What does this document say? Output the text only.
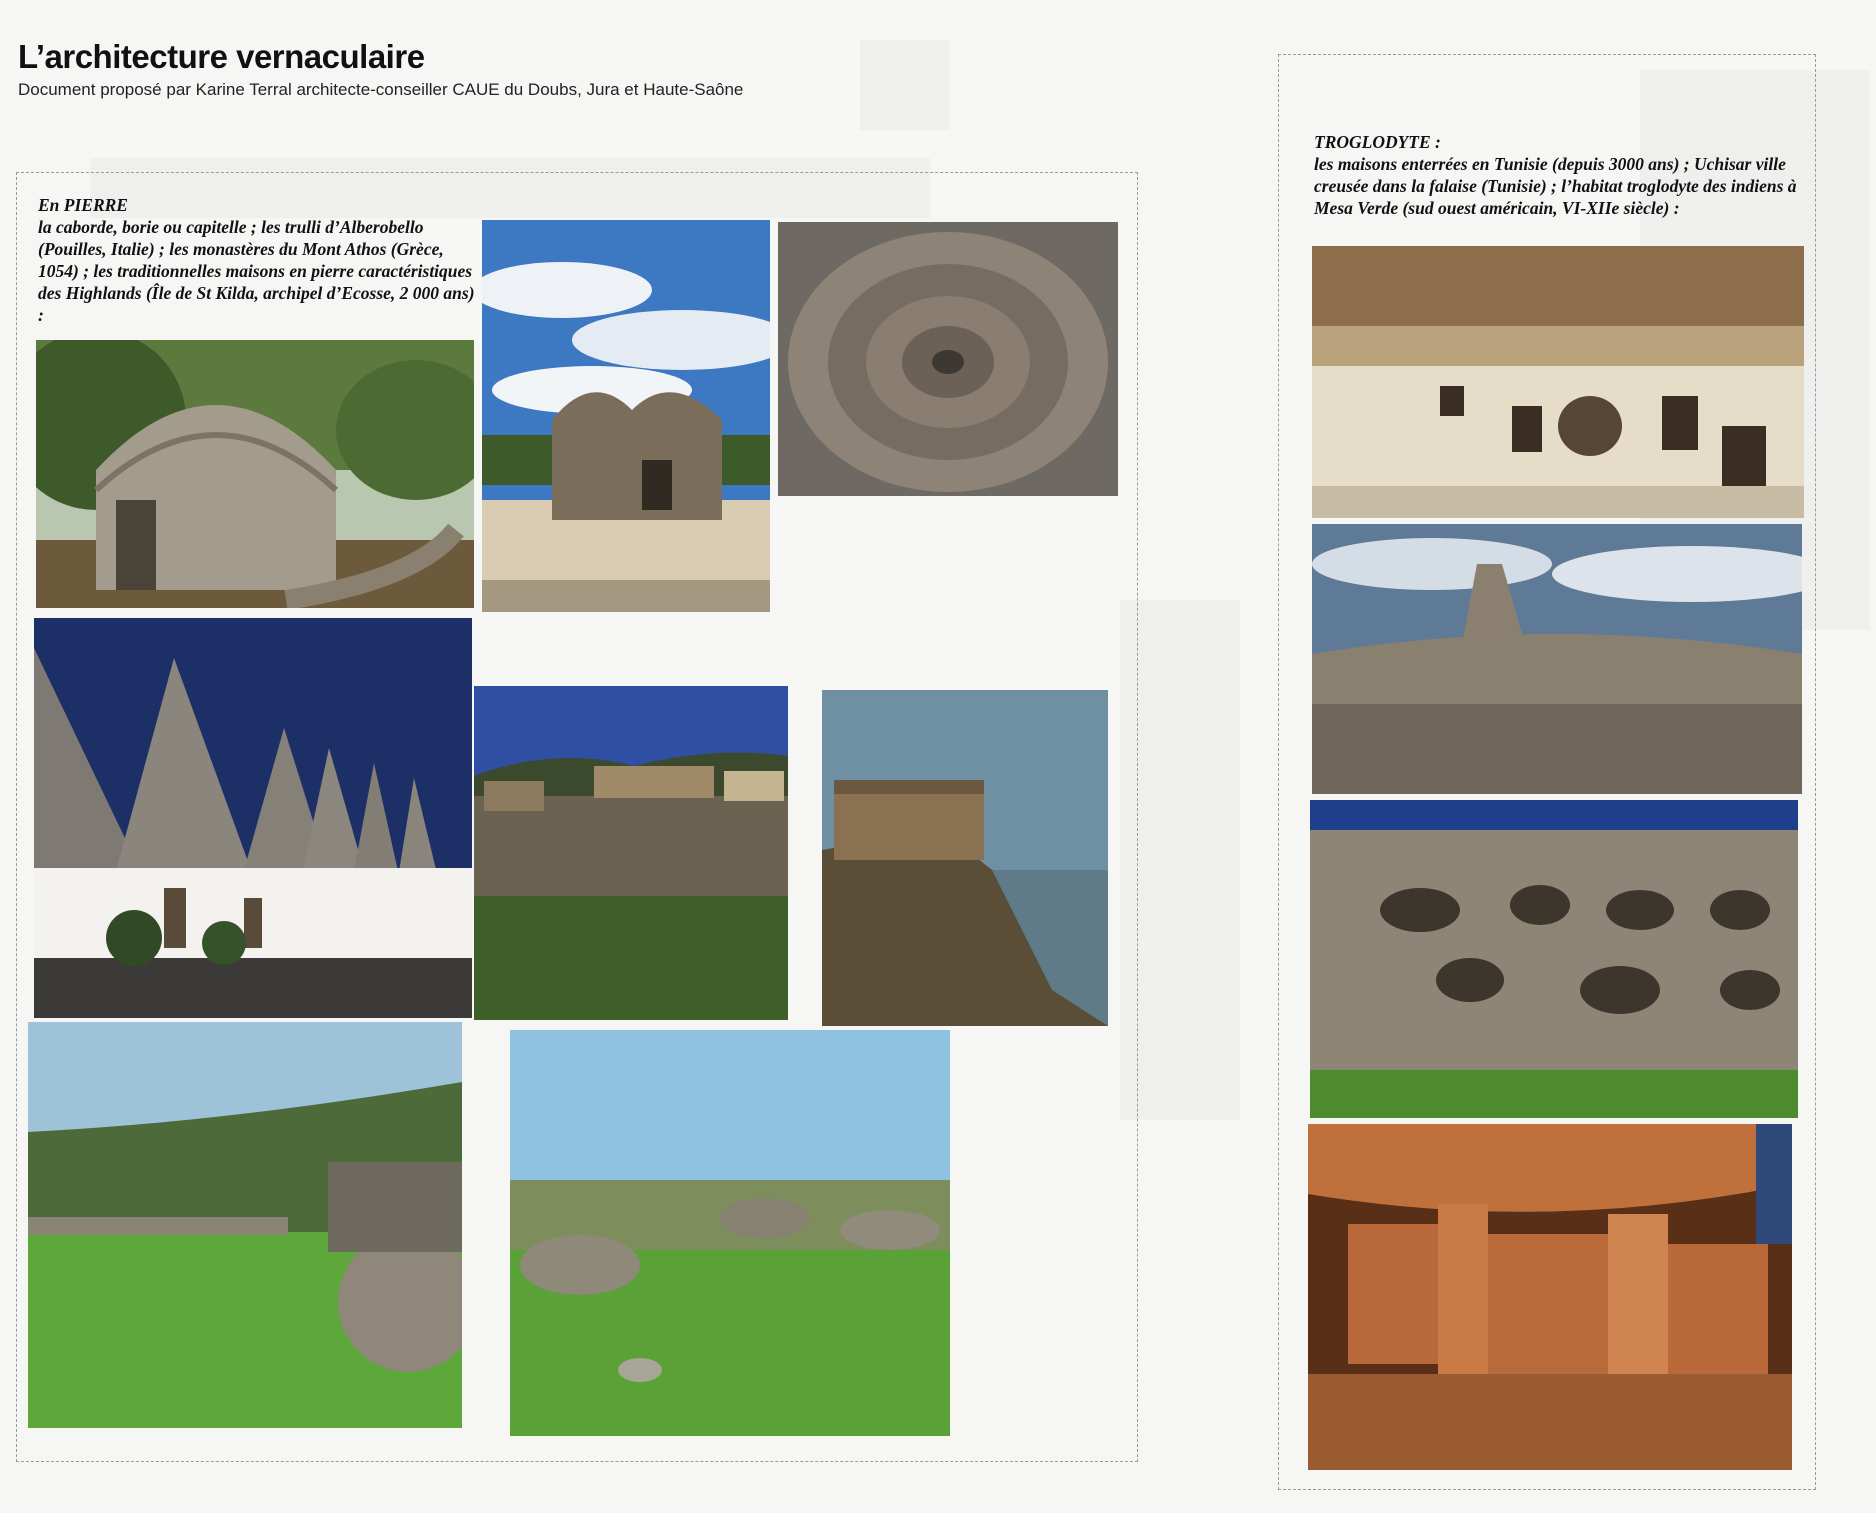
L’architecture vernaculaire

Document proposé par Karine Terral architecte-conseiller CAUE du Doubs, Jura et Haute-Saône

En PIERRE
la caborde, borie ou capitelle ; les trulli d’Alberobello (Pouilles, Italie) ; les monastères du Mont Athos (Grèce, 1054) ; les traditionnelles maisons en pierre caractéristiques des Highlands (Île de St Kilda, archipel d’Ecosse, 2 000 ans) :

TROGLODYTE :
les maisons enterrées en Tunisie (depuis 3000 ans) ; Uchisar ville creusée dans la falaise (Tunisie) ; l’habitat troglodyte des indiens à Mesa Verde (sud ouest américain, VI-XIIe siècle) :
